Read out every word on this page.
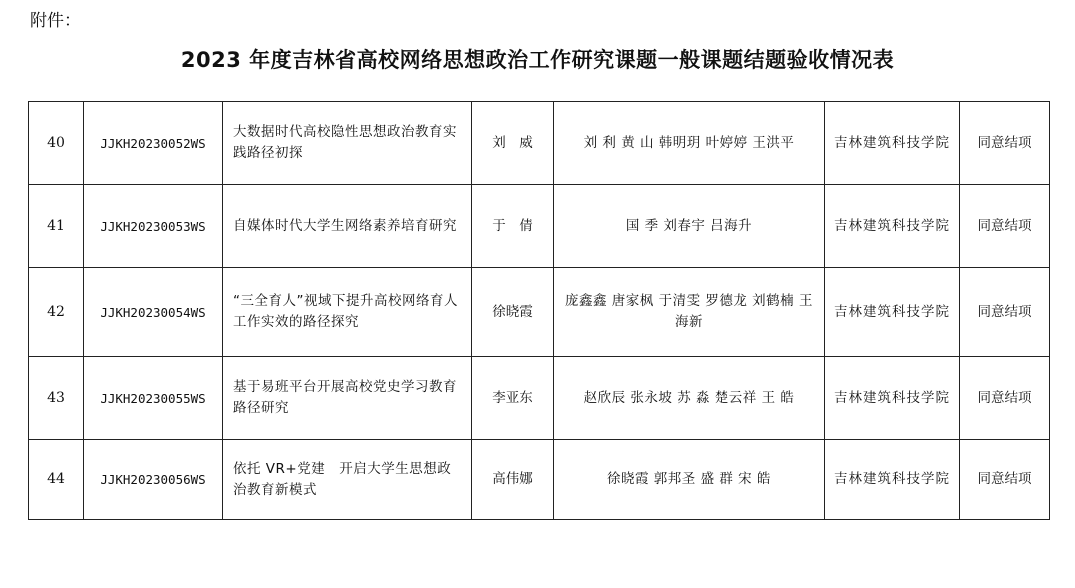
附件：
2023 年度吉林省高校网络思想政治工作研究课题一般课题结题验收情况表
40	JJKH20230052WS	大数据时代高校隐性思想政治教育实践路径初探	刘　威	刘 利 黄 山 韩明玥 叶婷婷 王洪平	吉林建筑科技学院	同意结项
41	JJKH20230053WS	自媒体时代大学生网络素养培育研究	于　倩	国 季 刘春宇 吕海升	吉林建筑科技学院	同意结项
42	JJKH20230054WS	“三全育人”视域下提升高校网络育人工作实效的路径探究	徐晓霞	庞鑫鑫 唐家枫 于清雯 罗德龙 刘鹤楠 王海新	吉林建筑科技学院	同意结项
43	JJKH20230055WS	基于易班平台开展高校党史学习教育路径研究	李亚东	赵欣辰 张永坡 苏 淼 楚云祥 王 皓	吉林建筑科技学院	同意结项
44	JJKH20230056WS	依托 VR+党建　开启大学生思想政治教育新模式	高伟娜	徐晓霞 郭邦圣 盛 群 宋 皓	吉林建筑科技学院	同意结项
